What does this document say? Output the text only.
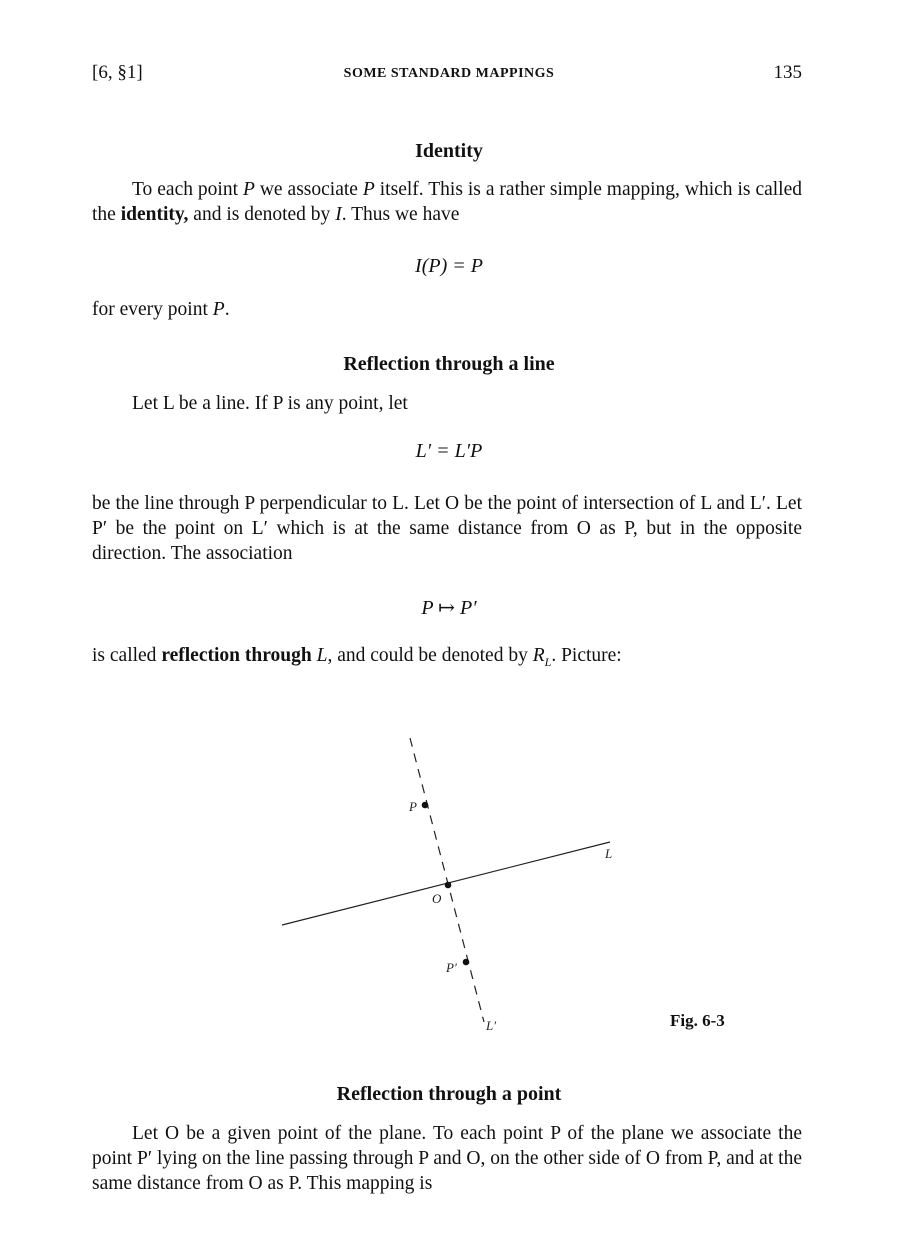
[6, §1]	SOME STANDARD MAPPINGS	135
Identity
To each point P we associate P itself. This is a rather simple mapping, which is called the identity, and is denoted by I. Thus we have
I(P) = P
for every point P.
Reflection through a line
Let L be a line. If P is any point, let
L′ = L′P
be the line through P perpendicular to L. Let O be the point of intersection of L and L′. Let P′ be the point on L′ which is at the same distance from O as P, but in the opposite direction. The association
P ↦ P′
is called reflection through L, and could be denoted by $R_L$. Picture:
P
O
P′
L
L′	Fig. 6-3
Reflection through a point
Let O be a given point of the plane. To each point P of the plane we associate the point P′ lying on the line passing through P and O, on the other side of O from P, and at the same distance from O as P. This mapping is
